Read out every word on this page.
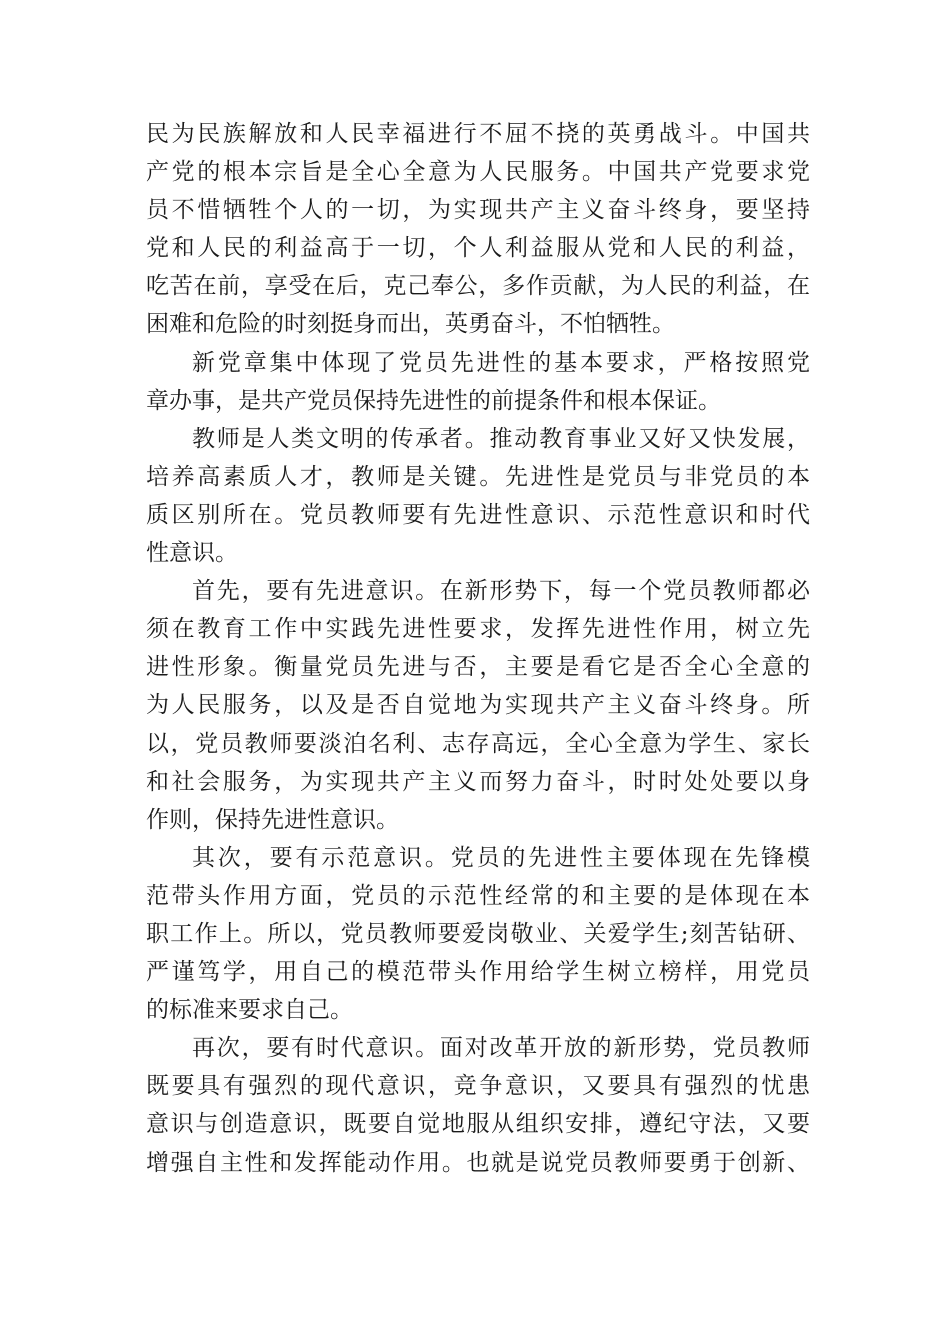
民为民族解放和人民幸福进行不屈不挠的英勇战斗。中国共
产党的根本宗旨是全心全意为人民服务。中国共产党要求党
员不惜牺牲个人的一切，为实现共产主义奋斗终身，要坚持
党和人民的利益高于一切，个人利益服从党和人民的利益，
吃苦在前，享受在后，克己奉公，多作贡献，为人民的利益，在
困难和危险的时刻挺身而出，英勇奋斗，不怕牺牲。
新党章集中体现了党员先进性的基本要求，严格按照党
章办事，是共产党员保持先进性的前提条件和根本保证。
教师是人类文明的传承者。推动教育事业又好又快发展，
培养高素质人才，教师是关键。先进性是党员与非党员的本
质区别所在。党员教师要有先进性意识、示范性意识和时代
性意识。
首先，要有先进意识。在新形势下，每一个党员教师都必
须在教育工作中实践先进性要求，发挥先进性作用，树立先
进性形象。衡量党员先进与否，主要是看它是否全心全意的
为人民服务，以及是否自觉地为实现共产主义奋斗终身。所
以，党员教师要淡泊名利、志存高远，全心全意为学生、家长
和社会服务，为实现共产主义而努力奋斗，时时处处要以身
作则，保持先进性意识。
其次，要有示范意识。党员的先进性主要体现在先锋模
范带头作用方面，党员的示范性经常的和主要的是体现在本
职工作上。所以，党员教师要爱岗敬业、关爱学生;刻苦钻研、
严谨笃学，用自己的模范带头作用给学生树立榜样，用党员
的标准来要求自己。
再次，要有时代意识。面对改革开放的新形势，党员教师
既要具有强烈的现代意识，竞争意识，又要具有强烈的忧患
意识与创造意识，既要自觉地服从组织安排，遵纪守法，又要
增强自主性和发挥能动作用。也就是说党员教师要勇于创新、
